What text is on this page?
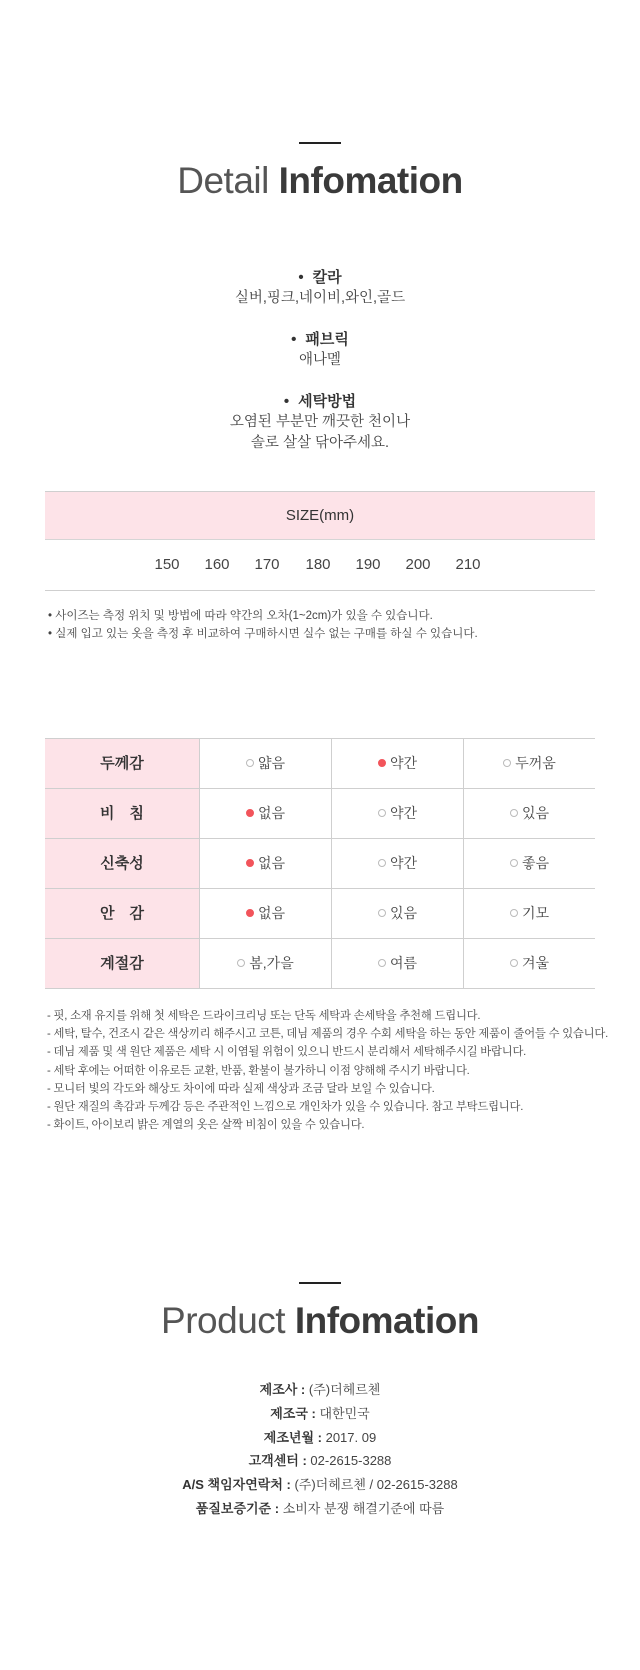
Detail Infomation
• 칼라
실버,핑크,네이비,와인,골드
• 패브릭
애나멜
• 세탁방법
오염된 부분만 깨끗한 천이나
솔로 살살 닦아주세요.
SIZE(mm)
150	160	170	180	190	200	210
• 사이즈는 측정 위치 및 방법에 따라 약간의 오차(1~2cm)가 있을 수 있습니다.
• 실제 입고 있는 옷을 측정 후 비교하여 구매하시면 실수 없는 구매를 하실 수 있습니다.
두께감	얇음	약간	두꺼움
비　침	없음	약간	있음
신축성	없음	약간	좋음
안　감	없음	있음	기모
계절감	봄,가을	여름	겨울
- 핏, 소재 유지를 위해 첫 세탁은 드라이크리닝 또는 단독 세탁과 손세탁을 추천해 드립니다.
- 세탁, 탈수, 건조시 같은 색상끼리 해주시고 코튼, 데님 제품의 경우 수회 세탁을 하는 동안 제품이 줄어들 수 있습니다.
- 데님 제품 및 색 원단 제품은 세탁 시 이염될 위험이 있으니 반드시 분리해서 세탁해주시길 바랍니다.
- 세탁 후에는 어떠한 이유로든 교환, 반품, 환불이 불가하니 이점 양해해 주시기 바랍니다.
- 모니터 빛의 각도와 해상도 차이에 따라 실제 색상과 조금 달라 보일 수 있습니다.
- 원단 재질의 촉감과 두께감 등은 주관적인 느낌으로 개인차가 있을 수 있습니다. 참고 부탁드립니다.
- 화이트, 아이보리 밝은 계열의 옷은 살짝 비침이 있을 수 있습니다.
Product Infomation
제조사 : (주)더헤르첸
제조국 : 대한민국
제조년월 : 2017. 09
고객센터 : 02-2615-3288
A/S 책임자연락처 : (주)더헤르첸 / 02-2615-3288
품질보증기준 : 소비자 분쟁 해결기준에 따름
